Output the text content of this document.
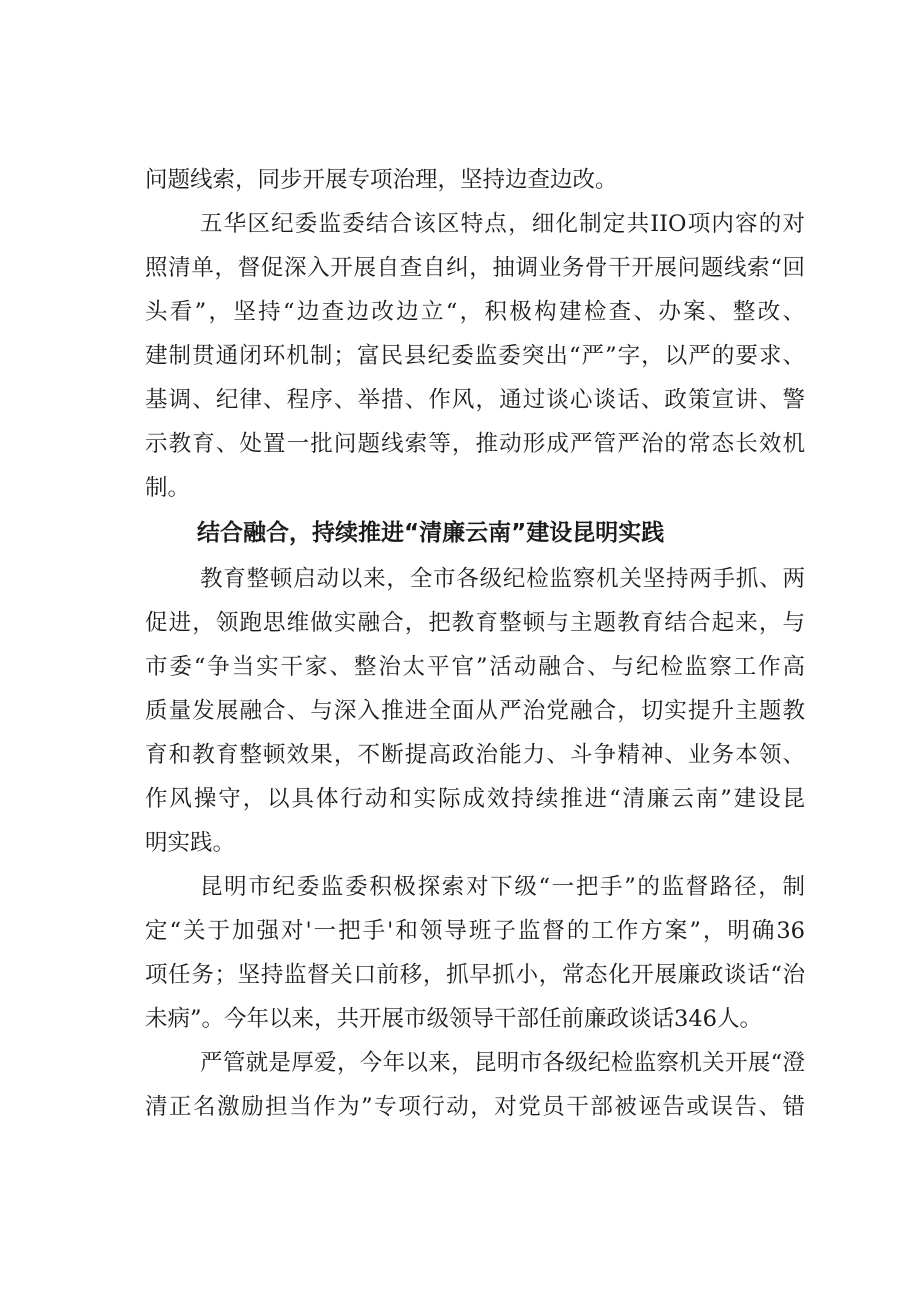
问题线索，同步开展专项治理，坚持边查边改。
五华区纪委监委结合该区特点，细化制定共IIO项内容的对
照清单，督促深入开展自查自纠，抽调业务骨干开展问题线索“回
头看”，坚持“边查边改边立“，积极构建检查、办案、整改、
建制贯通闭环机制；富民县纪委监委突出“严”字，以严的要求、
基调、纪律、程序、举措、作风，通过谈心谈话、政策宣讲、警
示教育、处置一批问题线索等，推动形成严管严治的常态长效机
制。
结合融合，持续推进“清廉云南”建设昆明实践
教育整顿启动以来，全市各级纪检监察机关坚持两手抓、两
促进，领跑思维做实融合，把教育整顿与主题教育结合起来，与
市委“争当实干家、整治太平官”活动融合、与纪检监察工作高
质量发展融合、与深入推进全面从严治党融合，切实提升主题教
育和教育整顿效果，不断提高政治能力、斗争精神、业务本领、
作风操守，以具体行动和实际成效持续推进“清廉云南”建设昆
明实践。
昆明市纪委监委积极探索对下级“一把手”的监督路径，制
定“关于加强对'一把手'和领导班子监督的工作方案”，明确36
项任务；坚持监督关口前移，抓早抓小，常态化开展廉政谈话“治
未病”。今年以来，共开展市级领导干部任前廉政谈话346人。
严管就是厚爱，今年以来，昆明市各级纪检监察机关开展“澄
清正名激励担当作为”专项行动，对党员干部被诬告或误告、错
